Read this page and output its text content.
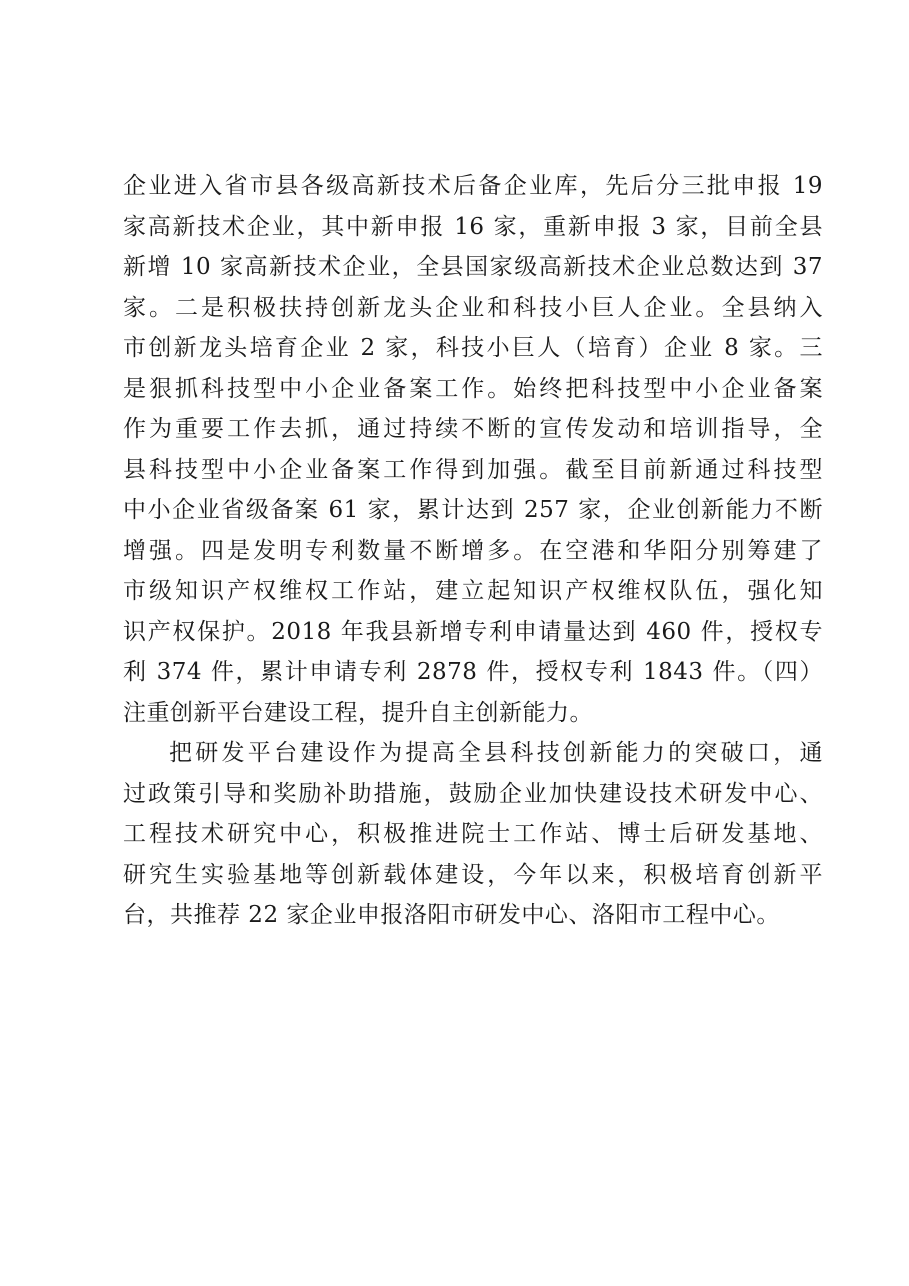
企业进入省市县各级高新技术后备企业库，先后分三批申报 19
家高新技术企业，其中新申报 16 家，重新申报 3 家，目前全县
新增 10 家高新技术企业，全县国家级高新技术企业总数达到 37
家。二是积极扶持创新龙头企业和科技小巨人企业。全县纳入
市创新龙头培育企业 2 家，科技小巨人（培育）企业 8 家。三
是狠抓科技型中小企业备案工作。始终把科技型中小企业备案
作为重要工作去抓，通过持续不断的宣传发动和培训指导，全
县科技型中小企业备案工作得到加强。截至目前新通过科技型
中小企业省级备案 61 家，累计达到 257 家，企业创新能力不断
增强。四是发明专利数量不断增多。在空港和华阳分别筹建了
市级知识产权维权工作站，建立起知识产权维权队伍，强化知
识产权保护。2018 年我县新增专利申请量达到 460 件，授权专
利 374 件，累计申请专利 2878 件，授权专利 1843 件。（四）
注重创新平台建设工程，提升自主创新能力。
把研发平台建设作为提高全县科技创新能力的突破口，通
过政策引导和奖励补助措施，鼓励企业加快建设技术研发中心、
工程技术研究中心，积极推进院士工作站、博士后研发基地、
研究生实验基地等创新载体建设，今年以来，积极培育创新平
台，共推荐 22 家企业申报洛阳市研发中心、洛阳市工程中心。
